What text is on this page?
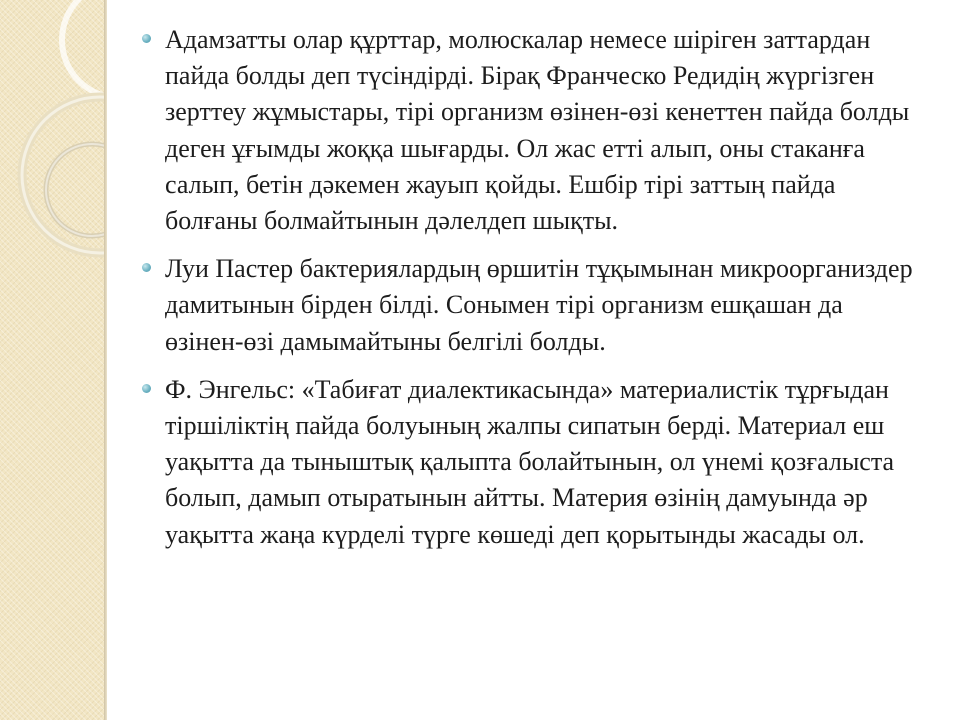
Адамзатты олар құрттар, молюскалар немесе шіріген заттардан пайда болды деп түсіндірді. Бірақ Франческо Редидің жүргізген зерттеу жұмыстары, тірі организм өзінен-өзі кенеттен пайда болды деген ұғымды жоққа шығарды. Ол жас етті алып, оны стаканға салып, бетін дәкемен жауып қойды. Ешбір тірі заттың пайда болғаны болмайтынын дәлелдеп шықты.
Луи Пастер бактериялардың өршитін тұқымынан микроорганиздер дамитынын бірден білді. Сонымен тірі организм ешқашан да өзінен-өзі дамымайтыны белгілі болды.
Ф. Энгельс: «Табиғат диалектикасында» материалистік тұрғыдан тіршіліктің пайда болуының жалпы сипатын берді. Материал еш уақытта да тыныштық қалыпта болайтынын, ол үнемі қозғалыста болып, дамып отыратынын айтты. Материя өзінің дамуында әр уақытта жаңа күрделі түрге көшеді деп қорытынды жасады ол.
